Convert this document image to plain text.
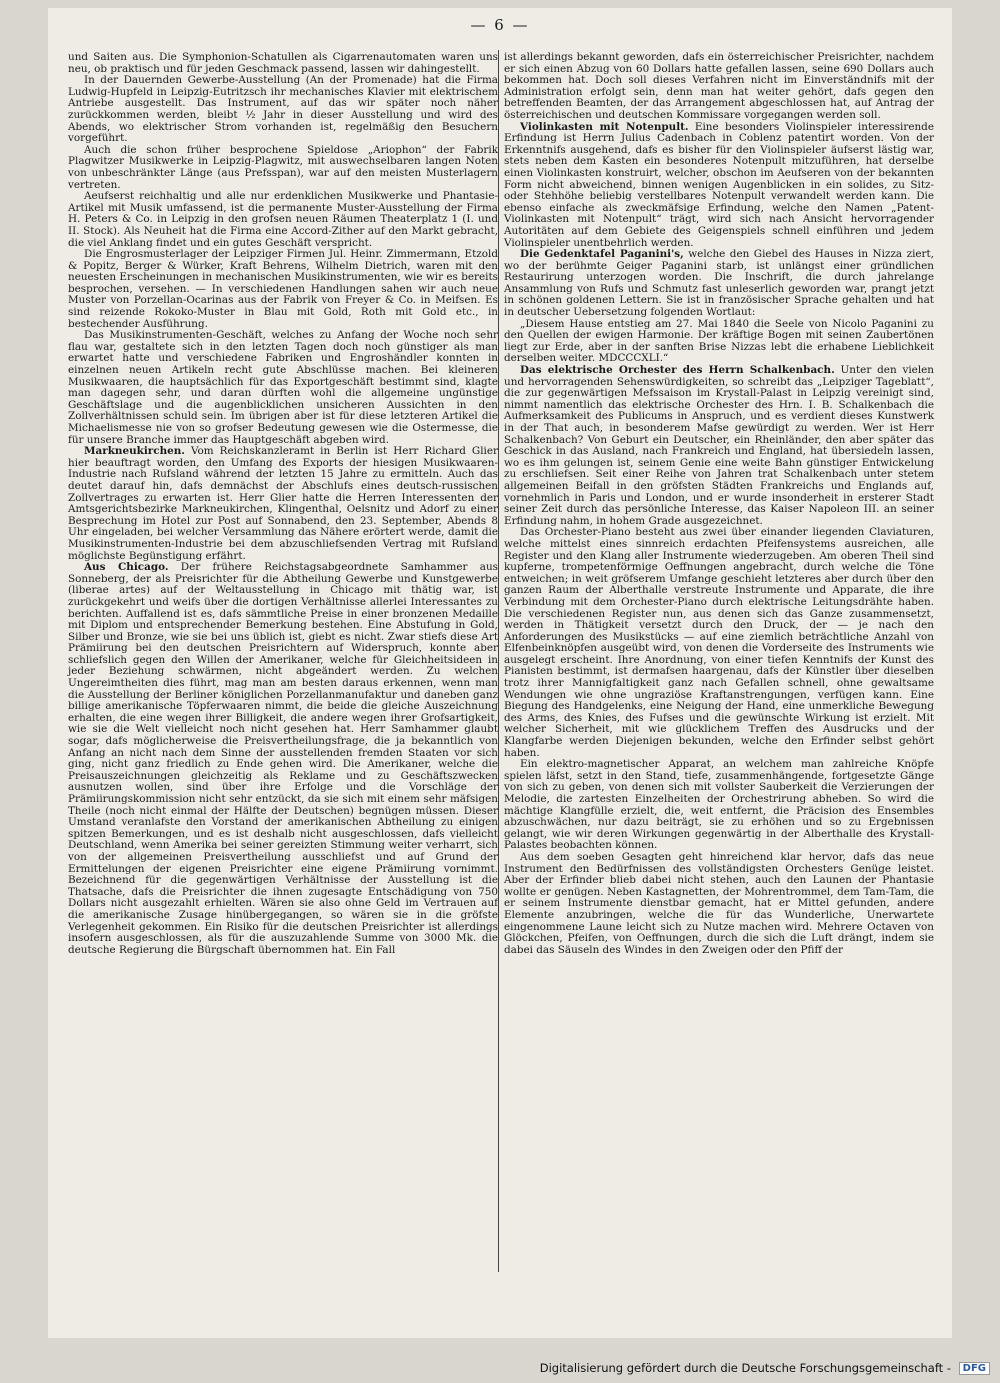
— 6 —

und Saiten aus. Die Symphonion-Schatullen als Cigarrenautomaten waren uns neu, ob praktisch und für jeden Geschmack passend, lassen wir dahingestellt.

In der Dauernden Gewerbe-Ausstellung (An der Promenade) hat die Firma Ludwig-Hupfeld in Leipzig-Eutritzsch ihr mechanisches Klavier mit elektrischem Antriebe ausgestellt. Das Instrument, auf das wir später noch näher zurückkommen werden, bleibt ½ Jahr in dieser Ausstellung und wird des Abends, wo elektrischer Strom vorhanden ist, regelmäßig den Besuchern vorgeführt.

Auch die schon früher besprochene Spieldose „Ariophon“ der Fabrik Plagwitzer Musikwerke in Leipzig-Plagwitz, mit auswechselbaren langen Noten von unbeschränkter Länge (aus Prefsspan), war auf den meisten Musterlagern vertreten.

Aeufserst reichhaltig und alle nur erdenklichen Musikwerke und Phantasie-Artikel mit Musik umfassend, ist die permanente Muster-Ausstellung der Firma H. Peters & Co. in Leipzig in den grofsen neuen Räumen Theaterplatz 1 (I. und II. Stock). Als Neuheit hat die Firma eine Accord-Zither auf den Markt gebracht, die viel Anklang findet und ein gutes Geschäft verspricht.

Die Engrosmusterlager der Leipziger Firmen Jul. Heinr. Zimmermann, Etzold & Popitz, Berger & Würker, Kraft Behrens, Wilhelm Dietrich, waren mit den neuesten Erscheinungen in mechanischen Musikinstrumenten, wie wir es bereits besprochen, versehen. — In verschiedenen Handlungen sahen wir auch neue Muster von Porzellan-Ocarinas aus der Fabrik von Freyer & Co. in Meifsen. Es sind reizende Rokoko-Muster in Blau mit Gold, Roth mit Gold etc., in bestechender Ausführung.

Das Musikinstrumenten-Geschäft, welches zu Anfang der Woche noch sehr flau war, gestaltete sich in den letzten Tagen doch noch günstiger als man erwartet hatte und verschiedene Fabriken und Engroshändler konnten in einzelnen neuen Artikeln recht gute Abschlüsse machen. Bei kleineren Musikwaaren, die hauptsächlich für das Exportgeschäft bestimmt sind, klagte man dagegen sehr, und daran dürften wohl die allgemeine ungünstige Geschäftslage und die augenblicklichen unsicheren Aussichten in den Zollverhältnissen schuld sein. Im übrigen aber ist für diese letzteren Artikel die Michaelismesse nie von so grofser Bedeutung gewesen wie die Ostermesse, die für unsere Branche immer das Hauptgeschäft abgeben wird.

Markneukirchen. Vom Reichskanzleramt in Berlin ist Herr Richard Glier hier beauftragt worden, den Umfang des Exports der hiesigen Musikwaaren-Industrie nach Rufsland während der letzten 15 Jahre zu ermitteln. Auch das deutet darauf hin, dafs demnächst der Abschlufs eines deutsch-russischen Zollvertrages zu erwarten ist. Herr Glier hatte die Herren Interessenten der Amtsgerichtsbezirke Markneukirchen, Klingenthal, Oelsnitz und Adorf zu einer Besprechung im Hotel zur Post auf Sonnabend, den 23. September, Abends 8 Uhr eingeladen, bei welcher Versammlung das Nähere erörtert werde, damit die Musikinstrumenten-Industrie bei dem abzuschliefsenden Vertrag mit Rufsland möglichste Begünstigung erfährt.

Aus Chicago. Der frühere Reichstagsabgeordnete Samhammer aus Sonneberg, der als Preisrichter für die Abtheilung Gewerbe und Kunstgewerbe (liberae artes) auf der Weltausstellung in Chicago mit thätig war, ist zurückgekehrt und weifs über die dortigen Verhältnisse allerlei Interessantes zu berichten. Auffallend ist es, dafs sämmtliche Preise in einer bronzenen Medaille mit Diplom und entsprechender Bemerkung bestehen. Eine Abstufung in Gold, Silber und Bronze, wie sie bei uns üblich ist, giebt es nicht. Zwar stiefs diese Art Prämiirung bei den deutschen Preisrichtern auf Widerspruch, konnte aber schliefslich gegen den Willen der Amerikaner, welche für Gleichheitsideen in jeder Beziehung schwärmen, nicht abgeändert werden. Zu welchen Ungereimtheiten dies führt, mag man am besten daraus erkennen, wenn man die Ausstellung der Berliner königlichen Porzellanmanufaktur und daneben ganz billige amerikanische Töpferwaaren nimmt, die beide die gleiche Auszeichnung erhalten, die eine wegen ihrer Billigkeit, die andere wegen ihrer Grofsartigkeit, wie sie die Welt vielleicht noch nicht gesehen hat. Herr Samhammer glaubt sogar, dafs möglicherweise die Preisvertheilungsfrage, die ja bekanntlich von Anfang an nicht nach dem Sinne der ausstellenden fremden Staaten vor sich ging, nicht ganz friedlich zu Ende gehen wird. Die Amerikaner, welche die Preisauszeichnungen gleichzeitig als Reklame und zu Geschäftszwecken ausnutzen wollen, sind über ihre Erfolge und die Vorschläge der Prämiirungskommission nicht sehr entzückt, da sie sich mit einem sehr mäfsigen Theile (noch nicht einmal der Hälfte der Deutschen) begnügen müssen. Dieser Umstand veranlafste den Vorstand der amerikanischen Abtheilung zu einigen spitzen Bemerkungen, und es ist deshalb nicht ausgeschlossen, dafs vielleicht Deutschland, wenn Amerika bei seiner gereizten Stimmung weiter verharrt, sich von der allgemeinen Preisvertheilung ausschliefst und auf Grund der Ermittelungen der eigenen Preisrichter eine eigene Prämiirung vornimmt. Bezeichnend für die gegenwärtigen Verhältnisse der Ausstellung ist die Thatsache, dafs die Preisrichter die ihnen zugesagte Entschädigung von 750 Dollars nicht ausgezahlt erhielten. Wären sie also ohne Geld im Vertrauen auf die amerikanische Zusage hinübergegangen, so wären sie in die gröfste Verlegenheit gekommen. Ein Risiko für die deutschen Preisrichter ist allerdings insofern ausgeschlossen, als für die auszuzahlende Summe von 3000 Mk. die deutsche Regierung die Bürgschaft übernommen hat. Ein Fall

ist allerdings bekannt geworden, dafs ein österreichischer Preisrichter, nachdem er sich einen Abzug von 60 Dollars hatte gefallen lassen, seine 690 Dollars auch bekommen hat. Doch soll dieses Verfahren nicht im Einverständnifs mit der Administration erfolgt sein, denn man hat weiter gehört, dafs gegen den betreffenden Beamten, der das Arrangement abgeschlossen hat, auf Antrag der österreichischen und deutschen Kommissare vorgegangen werden soll.

Violinkasten mit Notenpult. Eine besonders Violinspieler interessirende Erfindung ist Herrn Julius Cadenbach in Coblenz patentirt worden. Von der Erkenntnifs ausgehend, dafs es bisher für den Violinspieler äufserst lästig war, stets neben dem Kasten ein besonderes Notenpult mitzuführen, hat derselbe einen Violinkasten konstruirt, welcher, obschon im Aeufseren von der bekannten Form nicht abweichend, binnen wenigen Augenblicken in ein solides, zu Sitz- oder Stehhöhe beliebig verstellbares Notenpult verwandelt werden kann. Die ebenso einfache als zweckmäfsige Erfindung, welche den Namen „Patent-Violinkasten mit Notenpult“ trägt, wird sich nach Ansicht hervorragender Autoritäten auf dem Gebiete des Geigenspiels schnell einführen und jedem Violinspieler unentbehrlich werden.

Die Gedenktafel Paganini's, welche den Giebel des Hauses in Nizza ziert, wo der berühmte Geiger Paganini starb, ist unlängst einer gründlichen Restaurirung unterzogen worden. Die Inschrift, die durch jahrelange Ansammlung von Rufs und Schmutz fast unleserlich geworden war, prangt jetzt in schönen goldenen Lettern. Sie ist in französischer Sprache gehalten und hat in deutscher Uebersetzung folgenden Wortlaut:

„Diesem Hause entstieg am 27. Mai 1840 die Seele von Nicolo Paganini zu den Quellen der ewigen Harmonie. Der kräftige Bogen mit seinen Zaubertönen liegt zur Erde, aber in der sanften Brise Nizzas lebt die erhabene Lieblichkeit derselben weiter. MDCCCXLI.“

Das elektrische Orchester des Herrn Schalkenbach. Unter den vielen und hervorragenden Sehenswürdigkeiten, so schreibt das „Leipziger Tageblatt“, die zur gegenwärtigen Mefssaison im Krystall-Palast in Leipzig vereinigt sind, nimmt namentlich das elektrische Orchester des Hrn. I. B. Schalkenbach die Aufmerksamkeit des Publicums in Anspruch, und es verdient dieses Kunstwerk in der That auch, in besonderem Mafse gewürdigt zu werden. Wer ist Herr Schalkenbach? Von Geburt ein Deutscher, ein Rheinländer, den aber später das Geschick in das Ausland, nach Frankreich und England, hat übersiedeln lassen, wo es ihm gelungen ist, seinem Genie eine weite Bahn günstiger Entwickelung zu erschliefsen. Seit einer Reihe von Jahren trat Schalkenbach unter stetem allgemeinen Beifall in den gröfsten Städten Frankreichs und Englands auf, vornehmlich in Paris und London, und er wurde insonderheit in ersterer Stadt seiner Zeit durch das persönliche Interesse, das Kaiser Napoleon III. an seiner Erfindung nahm, in hohem Grade ausgezeichnet.

Das Orchester-Piano besteht aus zwei über einander liegenden Claviaturen, welche mittelst eines sinnreich erdachten Pfeifensystems ausreichen, alle Register und den Klang aller Instrumente wiederzugeben. Am oberen Theil sind kupferne, trompetenförmige Oeffnungen angebracht, durch welche die Töne entweichen; in weit gröfserem Umfange geschieht letzteres aber durch über den ganzen Raum der Alberthalle verstreute Instrumente und Apparate, die ihre Verbindung mit dem Orchester-Piano durch elektrische Leitungsdrähte haben. Die verschiedenen Register nun, aus denen sich das Ganze zusammensetzt, werden in Thätigkeit versetzt durch den Druck, der — je nach den Anforderungen des Musikstücks — auf eine ziemlich beträchtliche Anzahl von Elfenbeinknöpfen ausgeübt wird, von denen die Vorderseite des Instruments wie ausgelegt erscheint. Ihre Anordnung, von einer tiefen Kenntnifs der Kunst des Pianisten bestimmt, ist dermafsen haargenau, dafs der Künstler über dieselben trotz ihrer Mannigfaltigkeit ganz nach Gefallen schnell, ohne gewaltsame Wendungen wie ohne ungraziöse Kraftanstrengungen, verfügen kann. Eine Biegung des Handgelenks, eine Neigung der Hand, eine unmerkliche Bewegung des Arms, des Knies, des Fufses und die gewünschte Wirkung ist erzielt. Mit welcher Sicherheit, mit wie glücklichem Treffen des Ausdrucks und der Klangfarbe werden Diejenigen bekunden, welche den Erfinder selbst gehört haben.

Ein elektro-magnetischer Apparat, an welchem man zahlreiche Knöpfe spielen läfst, setzt in den Stand, tiefe, zusammenhängende, fortgesetzte Gänge von sich zu geben, von denen sich mit vollster Sauberkeit die Verzierungen der Melodie, die zartesten Einzelheiten der Orchestrirung abheben. So wird die mächtige Klangfülle erzielt, die, weit entfernt, die Präcision des Ensembles abzuschwächen, nur dazu beiträgt, sie zu erhöhen und so zu Ergebnissen gelangt, wie wir deren Wirkungen gegenwärtig in der Alberthalle des Krystall-Palastes beobachten können.

Aus dem soeben Gesagten geht hinreichend klar hervor, dafs das neue Instrument den Bedürfnissen des vollständigsten Orchesters Genüge leistet. Aber der Erfinder blieb dabei nicht stehen, auch den Launen der Phantasie wollte er genügen. Neben Kastagnetten, der Mohrentrommel, dem Tam-Tam, die er seinem Instrumente dienstbar gemacht, hat er Mittel gefunden, andere Elemente anzubringen, welche die für das Wunderliche, Unerwartete eingenommene Laune leicht sich zu Nutze machen wird. Mehrere Octaven von Glöckchen, Pfeifen, von Oeffnungen, durch die sich die Luft drängt, indem sie dabei das Säuseln des Windes in den Zweigen oder den Pfiff der

Digitalisierung gefördert durch die Deutsche Forschungsgemeinschaft - DFG
